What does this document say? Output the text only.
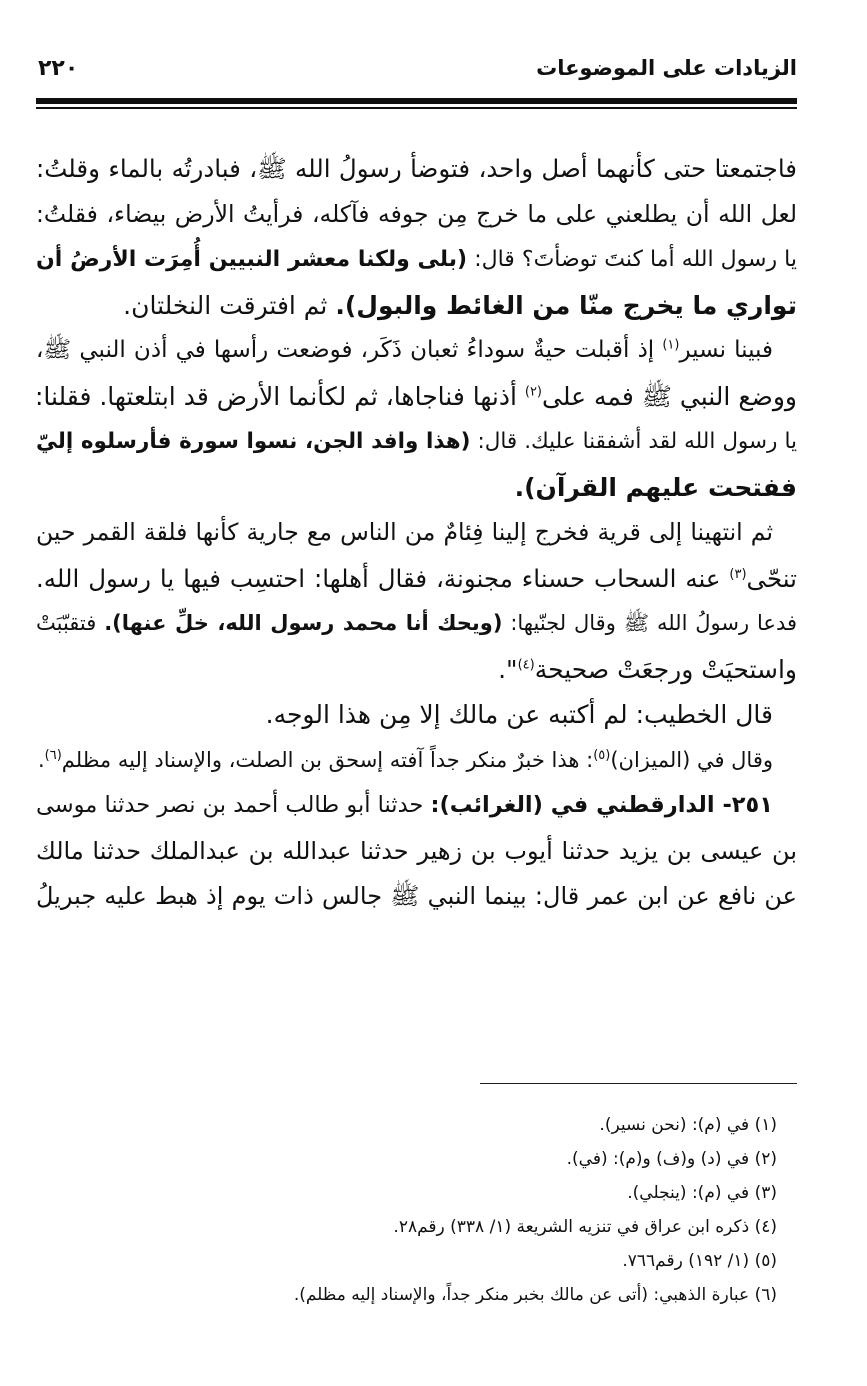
الزيادات على الموضوعات
٢٢٠
فاجتمعتا حتى كأنهما أصل واحد، فتوضأ رسولُ الله ﷺ، فبادرتُه بالماء وقلتُ:
لعل الله أن يطلعني على ما خرج مِن جوفه فآكله، فرأيتُ الأرض بيضاء، فقلتُ:
يا رسول الله أما كنتَ توضأتَ؟ قال: (بلى ولكنا معشر النبيين أُمِرَت الأرضُ أن
تواري ما يخرج منّا من الغائط والبول). ثم افترقت النخلتان.
فبينا نسير$^{(١)}$ إذ أقبلت حيةٌ سوداءُ ثعبان ذَكَر، فوضعت رأسها في أذن النبي ﷺ،
ووضع النبي ﷺ فمه على$^{(٢)}$ أذنها فناجاها، ثم لكأنما الأرض قد ابتلعتها. فقلنا:
يا رسول الله لقد أشفقنا عليك. قال: (هذا وافد الجن، نسوا سورة فأرسلوه إليّ
ففتحت عليهم القرآن).
ثم انتهينا إلى قرية فخرج إلينا فِئامٌ من الناس مع جارية كأنها فلقة القمر حين
تنحّى$^{(٣)}$ عنه السحاب حسناء مجنونة، فقال أهلها: احتسِب فيها يا رسول الله.
فدعا رسولُ الله ﷺ وقال لجنّيها: (ويحك أنا محمد رسول الله، خلِّ عنها). فتقبّبَتْ
واستحيَتْ ورجعَتْ صحيحة$^{(٤)}$".
قال الخطيب: لم أكتبه عن مالك إلا مِن هذا الوجه.
وقال في (الميزان)$^{(٥)}$: هذا خبرٌ منكر جداً آفته إسحق بن الصلت، والإسناد إليه مظلم$^{(٦)}$.
٢٥١- الدارقطني في (الغرائب): حدثنا أبو طالب أحمد بن نصر حدثنا موسى
بن عيسى بن يزيد حدثنا أيوب بن زهير حدثنا عبدالله بن عبدالملك حدثنا مالك
عن نافع عن ابن عمر قال: بينما النبي ﷺ جالس ذات يوم إذ هبط عليه جبريلُ
(١) في (م): (نحن نسير).
(٢) في (د) و(ف) و(م): (في).
(٣) في (م): (ينجلي).
(٤) ذكره ابن عراق في تنزيه الشريعة (١/ ٣٣٨) رقم٢٨.
(٥) (١/ ١٩٢) رقم٧٦٦.
(٦) عبارة الذهبي: (أتى عن مالك بخبر منكر جداً، والإسناد إليه مظلم).
